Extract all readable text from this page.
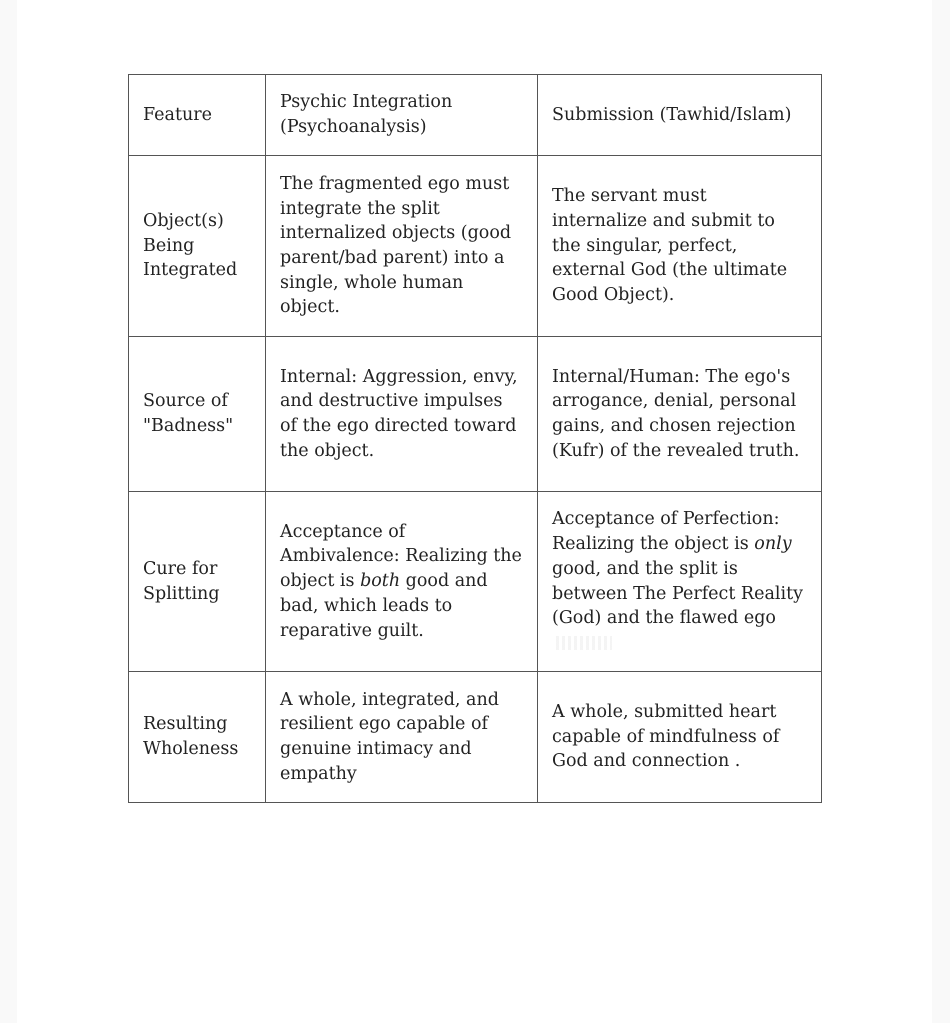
Feature	Psychic Integration (Psychoanalysis)	Submission (Tawhid/Islam)
Object(s) Being Integrated	The fragmented ego must integrate the split internalized objects (good parent/bad parent) into a single, whole human object.	The servant must internalize and submit to the singular, perfect, external God (the ultimate Good Object).
Source of "Badness"	Internal: Aggression, envy, and destructive impulses of the ego directed toward the object.	Internal/Human: The ego's arrogance, denial, personal gains, and chosen rejection (Kufr) of the revealed truth.
Cure for Splitting	Acceptance of Ambivalence: Realizing the object is both good and bad, which leads to reparative guilt.	Acceptance of Perfection: Realizing the object is only good, and the split is between The Perfect Reality (God) and the flawed ego
Resulting Wholeness	A whole, integrated, and resilient ego capable of genuine intimacy and empathy	A whole, submitted heart capable of mindfulness of God and connection .
